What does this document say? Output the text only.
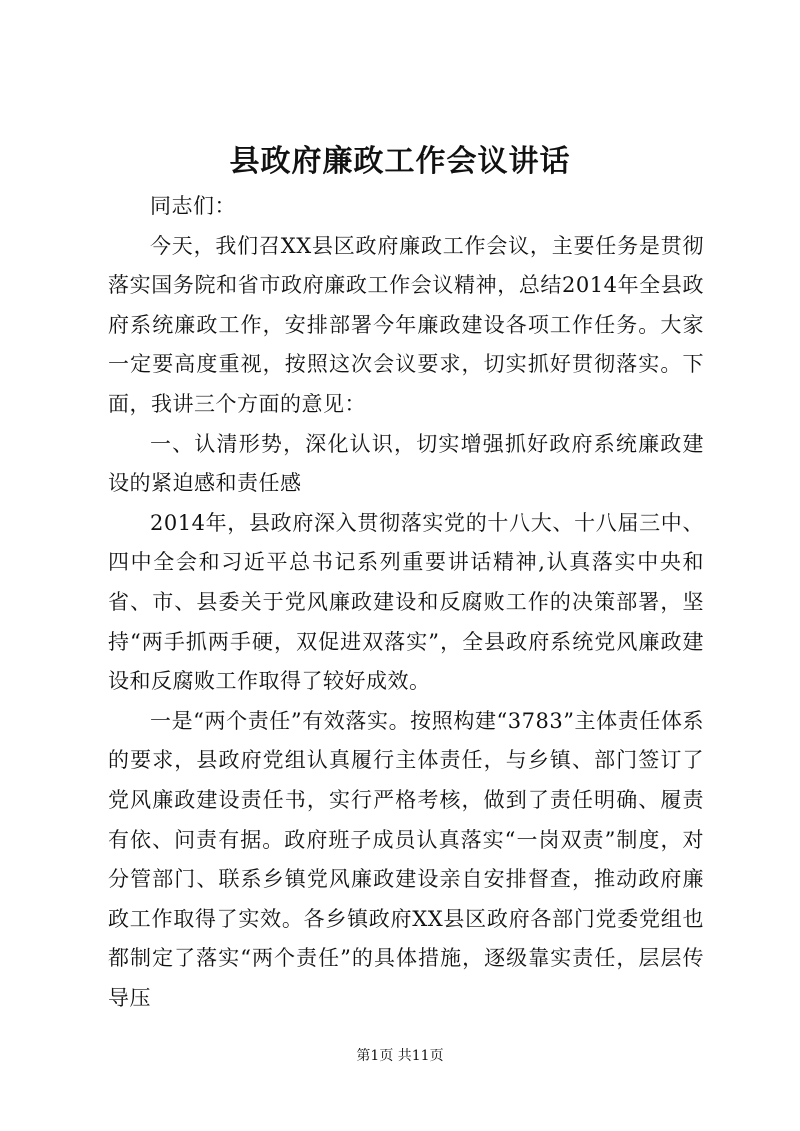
县政府廉政工作会议讲话

同志们：

今天，我们召XX县区政府廉政工作会议，主要任务是贯彻落实国务院和省市政府廉政工作会议精神，总结2014年全县政府系统廉政工作，安排部署今年廉政建设各项工作任务。大家一定要高度重视，按照这次会议要求，切实抓好贯彻落实。下面，我讲三个方面的意见：

一、认清形势，深化认识，切实增强抓好政府系统廉政建设的紧迫感和责任感

2014年，县政府深入贯彻落实党的十八大、十八届三中、四中全会和习近平总书记系列重要讲话精神,认真落实中央和省、市、县委关于党风廉政建设和反腐败工作的决策部署，坚持“两手抓两手硬，双促进双落实”，全县政府系统党风廉政建设和反腐败工作取得了较好成效。

一是“两个责任”有效落实。按照构建“3783”主体责任体系的要求，县政府党组认真履行主体责任，与乡镇、部门签订了党风廉政建设责任书，实行严格考核，做到了责任明确、履责有依、问责有据。政府班子成员认真落实“一岗双责”制度，对分管部门、联系乡镇党风廉政建设亲自安排督查，推动政府廉政工作取得了实效。各乡镇政府XX县区政府各部门党委党组也都制定了落实“两个责任”的具体措施，逐级靠实责任，层层传导压

第1页 共11页
